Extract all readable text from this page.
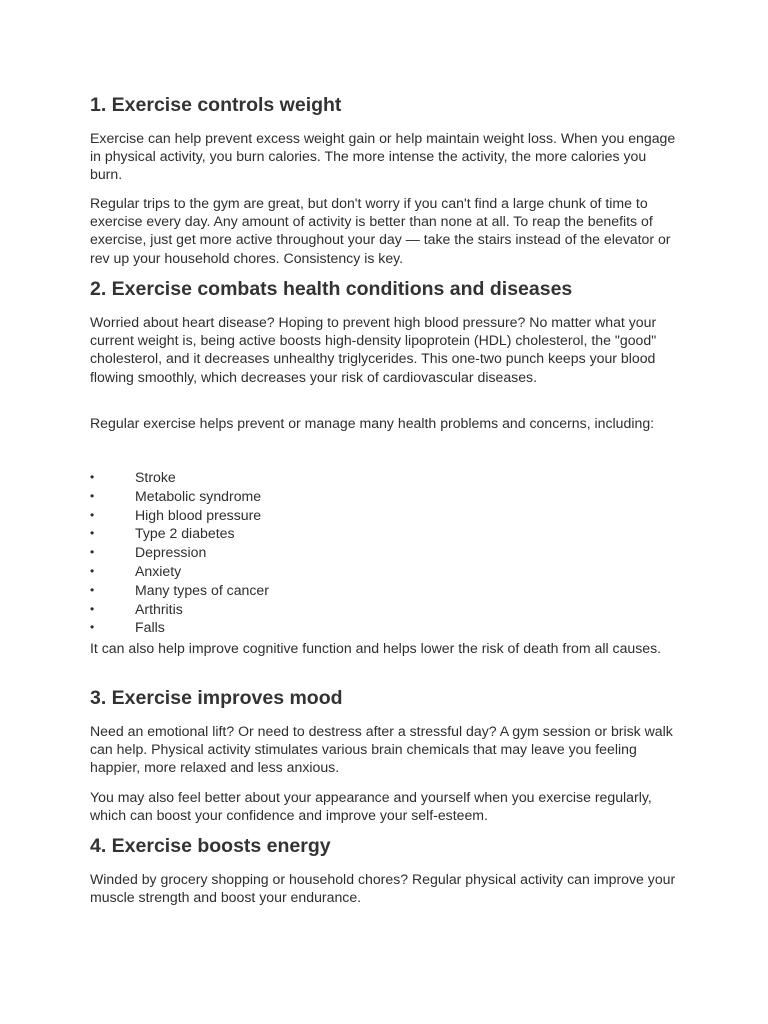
1. Exercise controls weight

Exercise can help prevent excess weight gain or help maintain weight loss. When you engage in physical activity, you burn calories. The more intense the activity, the more calories you burn.

Regular trips to the gym are great, but don't worry if you can't find a large chunk of time to exercise every day. Any amount of activity is better than none at all. To reap the benefits of exercise, just get more active throughout your day — take the stairs instead of the elevator or rev up your household chores. Consistency is key.

2. Exercise combats health conditions and diseases

Worried about heart disease? Hoping to prevent high blood pressure? No matter what your current weight is, being active boosts high-density lipoprotein (HDL) cholesterol, the "good" cholesterol, and it decreases unhealthy triglycerides. This one-two punch keeps your blood flowing smoothly, which decreases your risk of cardiovascular diseases.

Regular exercise helps prevent or manage many health problems and concerns, including:

•	Stroke
•	Metabolic syndrome
•	High blood pressure
•	Type 2 diabetes
•	Depression
•	Anxiety
•	Many types of cancer
•	Arthritis
•	Falls

It can also help improve cognitive function and helps lower the risk of death from all causes.

3. Exercise improves mood

Need an emotional lift? Or need to destress after a stressful day? A gym session or brisk walk can help. Physical activity stimulates various brain chemicals that may leave you feeling happier, more relaxed and less anxious.

You may also feel better about your appearance and yourself when you exercise regularly, which can boost your confidence and improve your self-esteem.

4. Exercise boosts energy

Winded by grocery shopping or household chores? Regular physical activity can improve your muscle strength and boost your endurance.
